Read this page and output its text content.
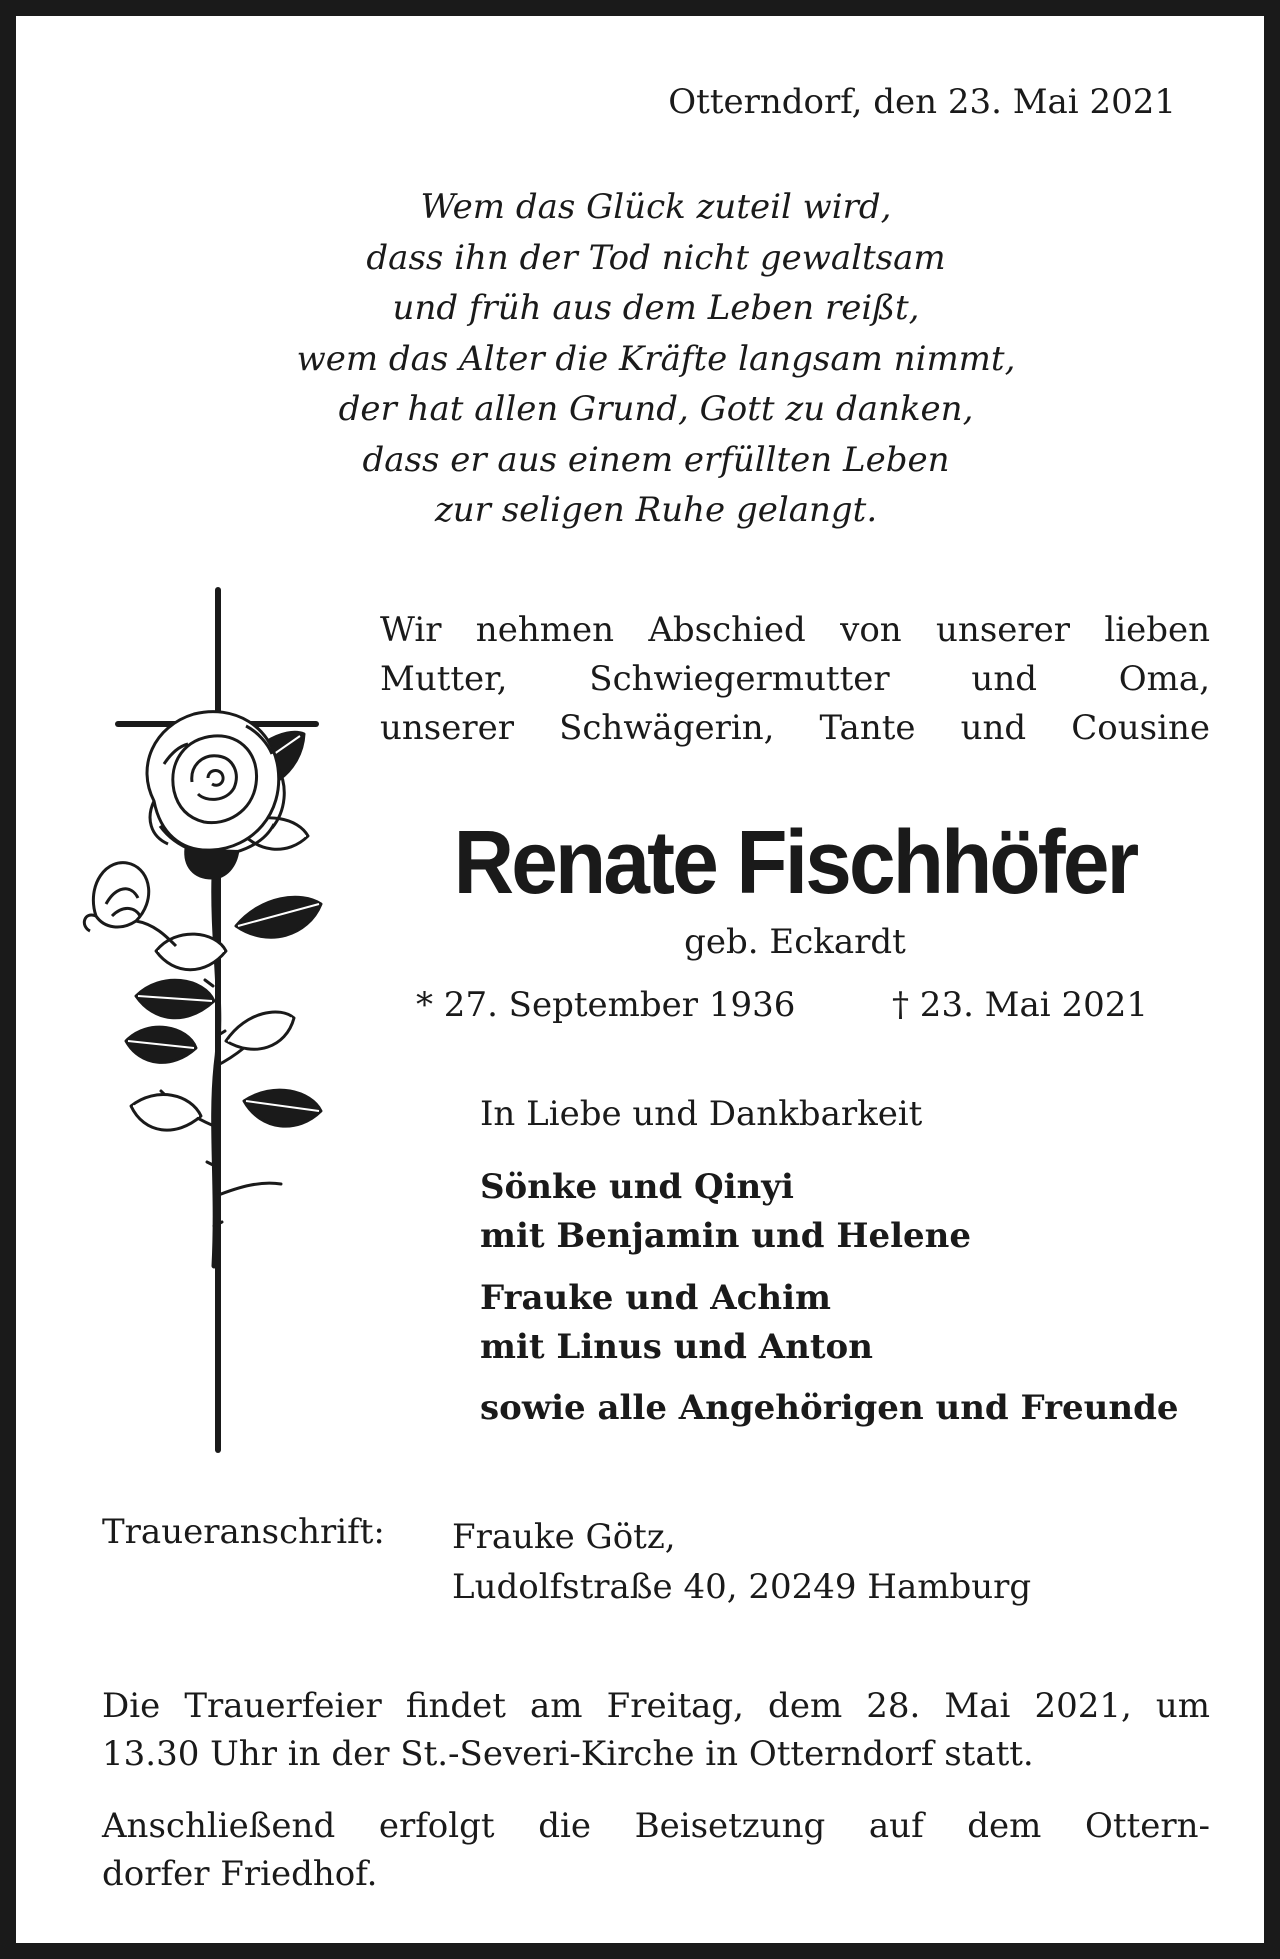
Otterndorf, den 23. Mai 2021

Wem das Glück zuteil wird,
dass ihn der Tod nicht gewaltsam
und früh aus dem Leben reißt,
wem das Alter die Kräfte langsam nimmt,
der hat allen Grund, Gott zu danken,
dass er aus einem erfüllten Leben
zur seligen Ruhe gelangt.
Wir nehmen Abschied von unserer lieben
Mutter, Schwiegermutter und Oma,
unserer Schwägerin, Tante und Cousine

Renate Fischhöfer

geb. Eckardt

* 27. September 1936	† 23. Mai 2021

In Liebe und Dankbarkeit

Sönke und Qinyi
mit Benjamin und Helene
Frauke und Achim
mit Linus und Anton
sowie alle Angehörigen und Freunde

Traueranschrift: Frauke Götz,
Ludolfstraße 40, 20249 Hamburg
Die Trauerfeier findet am Freitag, dem 28. Mai 2021, um
13.30 Uhr in der St.-Severi-Kirche in Otterndorf statt.
Anschließend erfolgt die Beisetzung auf dem Ottern-
dorfer Friedhof.
